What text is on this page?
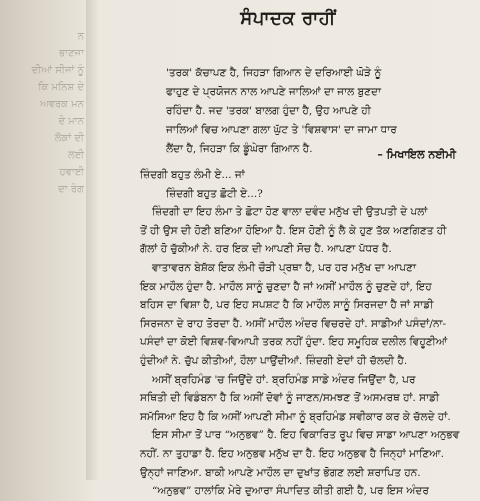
ਨ
ਭਾਣਜਾ
ਦੀਆਂ ਸੀਜਾਂ ਨੂੰ
ਕਿ ਮਨਿਸ਼ ਦੇ
ਅਵਰਕ ਮਨ
ਦੇ ਮਾਨ
ਲੋਕਾਂ ਦੀ
ਲਈ
ਹਵਾਈ
ਦਾ ਰੰਗ
ਸੰਪਾਦਕ ਰਾਹੀਂ

'ਤਰਕ' ਕੱਚਾਪਣ ਹੈ, ਜਿਹੜਾ ਗਿਆਨ ਦੇ ਦਰਿਆਈ ਘੋੜੇ ਨੂੰ

ਫਾਹੁਣ ਦੇ ਪ੍ਰਯੋਜਨ ਨਾਲ ਆਪਣੇ ਜਾਲਿਆਂ ਦਾ ਜਾਲ ਬੁਣਦਾ

ਰਹਿੰਦਾ ਹੈ. ਜਦ 'ਤਰਕ' ਬਾਲਗ ਹੁੰਦਾ ਹੈ, ਉਹ ਆਪਣੇ ਹੀ

ਜਾਲਿਆਂ ਵਿਚ ਆਪਣਾ ਗਲਾ ਘੁੱਟ ਤੇ 'ਵਿਸ਼ਵਾਸ' ਦਾ ਜਾਮਾ ਧਾਰ

ਲੈਂਦਾ ਹੈ, ਜਿਹੜਾ ਕਿ ਡੂੰਘੇਰਾ ਗਿਆਨ ਹੈ.	– ਮਿਖਾਇਲ ਨਈਮੀ

ਜ਼ਿੰਦਗੀ ਬਹੁਤ ਲੰਮੀ ਏ... ਜਾਂ

ਜ਼ਿੰਦਗੀ ਬਹੁਤ ਛੋਟੀ ਏ...?

ਜ਼ਿੰਦਗੀ ਦਾ ਇਹ ਲੰਮਾ ਤੇ ਛੋਟਾ ਹੋਣ ਵਾਲਾ ਦਵੰਦ ਮਨੁੱਖ ਦੀ ਉਤਪਤੀ ਦੇ ਪਲਾਂ

ਤੋਂ ਹੀ ਉਸ ਦੀ ਹੋਣੀ ਬਣਿਆ ਹੋਇਆ ਹੈ. ਇਸ ਹੋਣੀ ਨੂੰ ਲੈ ਕੇ ਹੁਣ ਤੱਕ ਅਣਗਿਣਤ ਹੀ

ਗੱਲਾਂ ਹੋ ਚੁੱਕੀਆਂ ਨੇ. ਹਰ ਇਕ ਦੀ ਆਪਣੀ ਸੋਚ ਹੈ. ਆਪਣਾ ਪੱਧਰ ਹੈ.

ਵਾਤਾਵਰਨ ਬੇਸ਼ੱਕ ਇਕ ਲੰਮੀ ਚੌੜੀ ਪ੍ਰਥਾ ਹੈ, ਪਰ ਹਰ ਮਨੁੱਖ ਦਾ ਆਪਣਾ

ਇਕ ਮਾਹੌਲ ਹੁੰਦਾ ਹੈ. ਮਾਹੌਲ ਸਾਨੂੰ ਚੁਣਦਾ ਹੈ ਜਾਂ ਅਸੀਂ ਮਾਹੌਲ ਨੂੰ ਚੁਣਦੇ ਹਾਂ, ਇਹ

ਬਹਿਸ ਦਾ ਵਿਸ਼ਾ ਹੈ, ਪਰ ਇਹ ਸਪਸ਼ਟ ਹੈ ਕਿ ਮਾਹੌਲ ਸਾਨੂੰ ਸਿਰਜਦਾ ਹੈ ਜਾਂ ਸਾਡੀ

ਸਿਰਜਨਾ ਦੇ ਰਾਹ ਤੋਰਦਾ ਹੈ. ਅਸੀਂ ਮਾਹੌਲ ਅੰਦਰ ਵਿਚਰਦੇ ਹਾਂ. ਸਾਡੀਆਂ ਪਸੰਦਾਂ/ਨਾ-

ਪਸੰਦਾਂ ਦਾ ਕੋਈ ਵਿਸ਼ਵ-ਵਿਆਪੀ ਤਰਕ ਨਹੀਂ ਹੁੰਦਾ. ਇਹ ਸਮੂਹਿਕ ਦਲੀਲ ਵਿਹੂਣੀਆਂ

ਹੁੰਦੀਆਂ ਨੇ. ਚੁੱਪ ਕੀਤੀਆਂ, ਹੌਲਾ ਪਾਉਂਦੀਆਂ. ਜ਼ਿੰਦਗੀ ਏਦਾਂ ਹੀ ਚੱਲਦੀ ਹੈ.

ਅਸੀਂ ਬ੍ਰਹਿਮੰਡ 'ਚ ਜਿਉਂਦੇ ਹਾਂ. ਬ੍ਰਹਿਮੰਡ ਸਾਡੇ ਅੰਦਰ ਜਿਉਂਦਾ ਹੈ, ਪਰ

ਸਥਿਤੀ ਦੀ ਵਿਡੰਬਨਾ ਹੈ ਕਿ ਅਸੀਂ ਦੋਵਾਂ ਨੂੰ ਜਾਣਨ/ਸਮਝਣ ਤੋਂ ਅਸਮਰਥ ਹਾਂ. ਸਾਡੀ

ਸਮੱਸਿਆ ਇਹ ਹੈ ਕਿ ਅਸੀਂ ਆਪਣੀ ਸੀਮਾ ਨੂੰ ਬ੍ਰਹਿਮੰਡ ਸਵੀਕਾਰ ਕਰ ਕੇ ਚੱਲਦੇ ਹਾਂ.

ਇਸ ਸੀਮਾ ਤੋਂ ਪਾਰ “ਅਨੁਭਵ” ਹੈ. ਇਹ ਵਿਕਾਰਿਤ ਰੂਪ ਵਿਚ ਸਾਡਾ ਆਪਣਾ ਅਨੁਭਵ

ਨਹੀਂ. ਨਾ ਤੁਹਾਡਾ ਹੈ. ਇਹ ਅਨੁਭਵ ਮਨੁੱਖ ਦਾ ਹੈ. ਇਹ ਅਨੁਭਵ ਹੈ ਜਿਨ੍ਹਾਂ ਮਾਣਿਆ.

ਉਨ੍ਹਾਂ ਜਾਣਿਆ. ਬਾਕੀ ਆਪਣੇ ਮਾਹੌਲ ਦਾ ਦੁਖਾਂਤ ਭੋਗਣ ਲਈ ਸ਼ਰਾਪਿਤ ਹਨ.

“ਅਨੁਭਵ” ਹਾਲਾਂਕਿ ਮੇਰੇ ਦੁਆਰਾ ਸੰਪਾਦਿਤ ਕੀਤੀ ਗਈ ਹੈ, ਪਰ ਇਸ ਅੰਦਰ
